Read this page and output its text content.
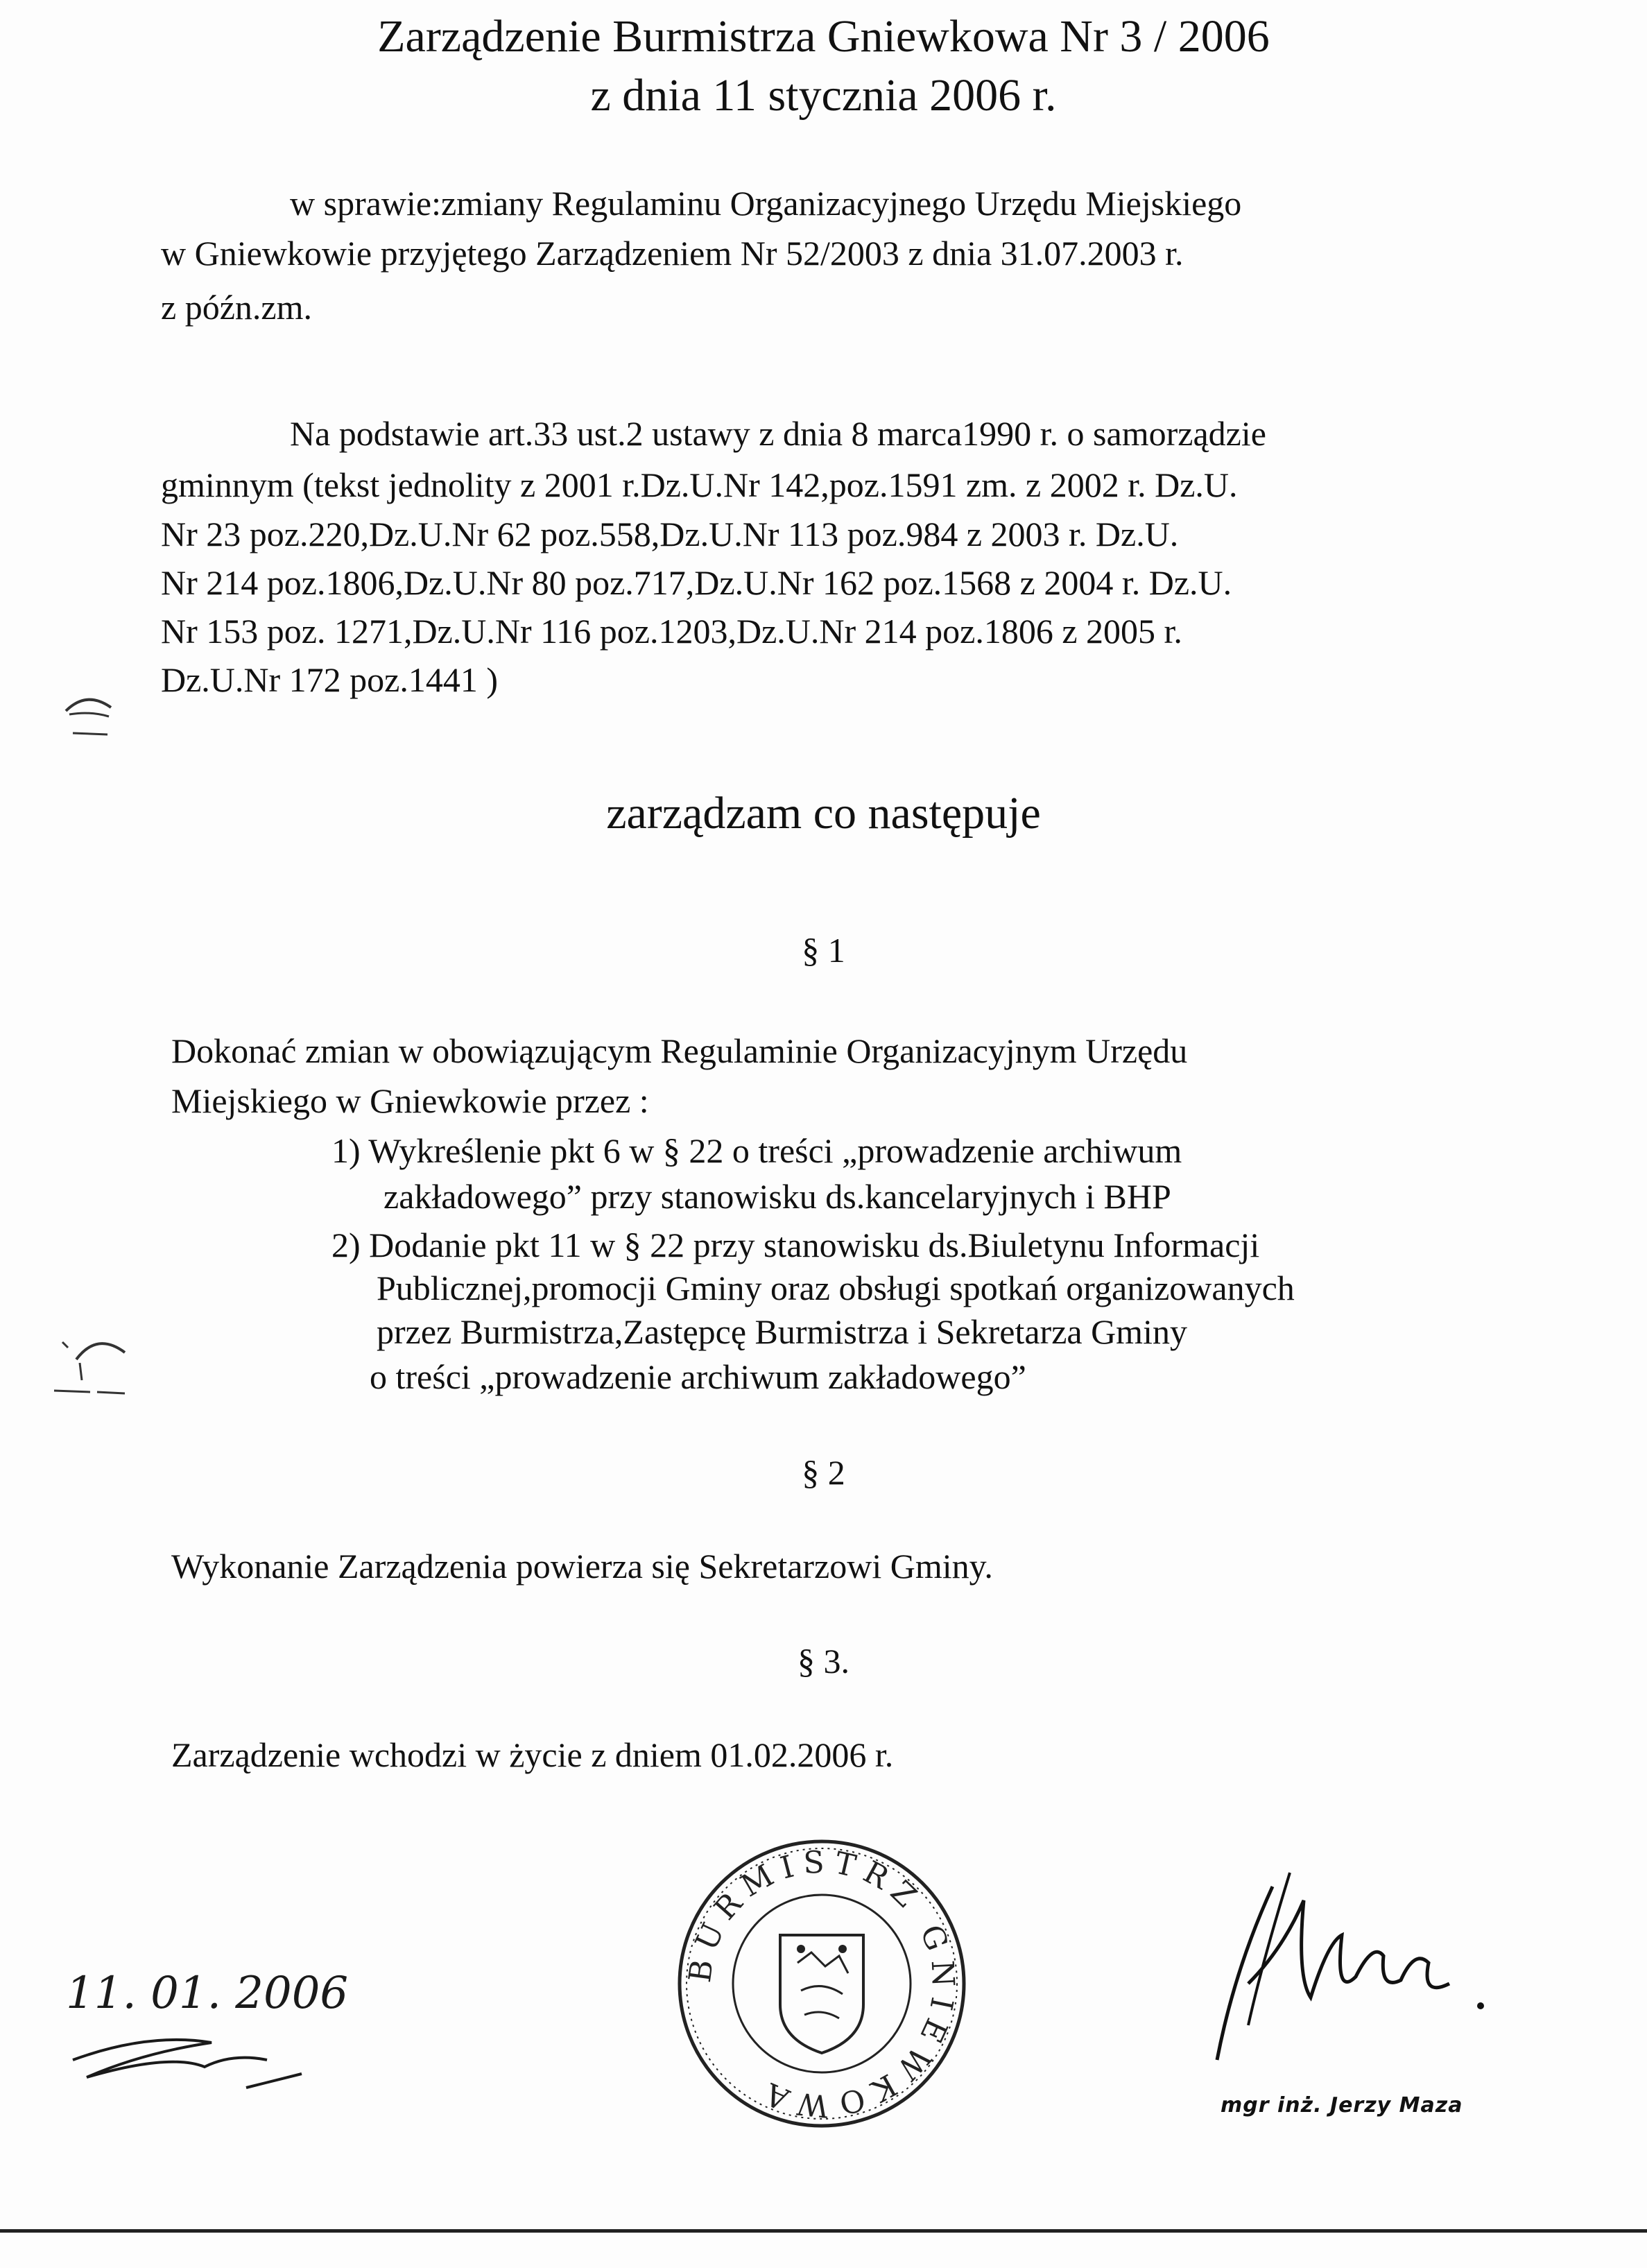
Zarządzenie Burmistrza Gniewkowa Nr 3 / 2006
z dnia 11 stycznia 2006 r.
w sprawie:zmiany Regulaminu Organizacyjnego Urzędu Miejskiego
w Gniewkowie przyjętego Zarządzeniem Nr 52/2003 z dnia 31.07.2003 r.
z późn.zm.
Na podstawie art.33 ust.2 ustawy z dnia 8 marca1990 r. o samorządzie
gminnym (tekst jednolity z 2001 r.Dz.U.Nr 142,poz.1591 zm. z 2002 r. Dz.U.
Nr 23 poz.220,Dz.U.Nr 62 poz.558,Dz.U.Nr 113 poz.984 z 2003 r. Dz.U.
Nr 214 poz.1806,Dz.U.Nr 80 poz.717,Dz.U.Nr 162 poz.1568 z 2004 r. Dz.U.
Nr 153 poz. 1271,Dz.U.Nr 116 poz.1203,Dz.U.Nr 214 poz.1806 z 2005 r.
Dz.U.Nr 172 poz.1441 )
zarządzam co następuje
§ 1
Dokonać zmian w obowiązującym Regulaminie Organizacyjnym Urzędu
Miejskiego w Gniewkowie przez :
1) Wykreślenie pkt 6 w § 22 o treści „prowadzenie archiwum
zakładowego” przy stanowisku ds.kancelaryjnych i BHP
2) Dodanie pkt 11 w § 22 przy stanowisku ds.Biuletynu Informacji
Publicznej,promocji Gminy oraz obsługi spotkań organizowanych
przez Burmistrza,Zastępcę Burmistrza i Sekretarza Gminy
o treści „prowadzenie archiwum zakładowego”
§ 2
Wykonanie Zarządzenia powierza się Sekretarzowi Gminy.
§ 3.
Zarządzenie wchodzi w życie z dniem 01.02.2006 r.
11. 01. 2006
BURMISTRZ GNIEWKOWA	mgr inż. Jerzy Maza
